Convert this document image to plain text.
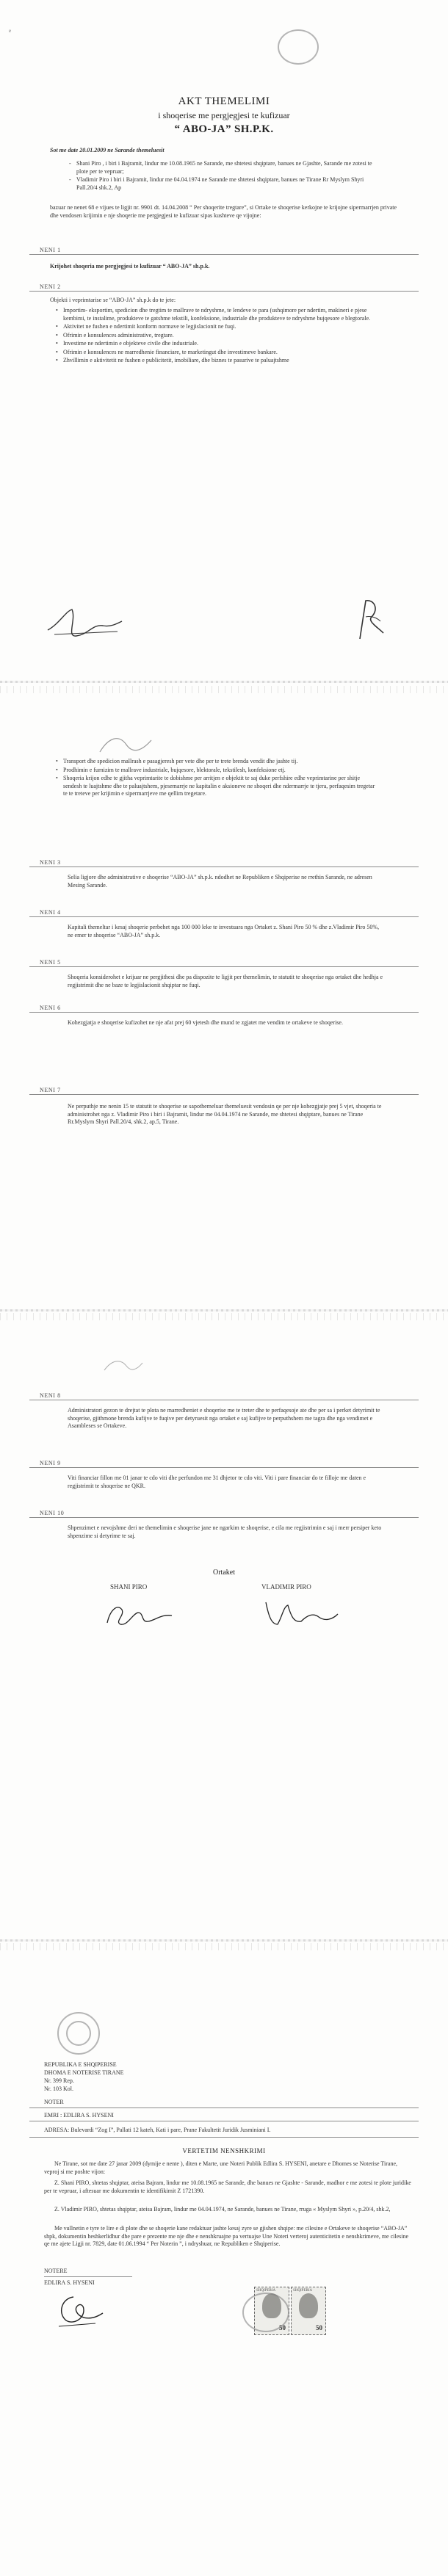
e
AKT THEMELIMI
i shoqerise me pergjegjesi te kufizuar
“ ABO-JA” SH.P.K.
Sot me date 20.01.2009 ne Sarande themeluesit
- Shani Piro , i biri i Bajramit, lindur me 10.08.1965 ne Sarande, me shtetesi shqiptare, banues ne Gjashte, Sarande me zotesi te plote per te vepruar;
- Vladimir Piro i biri i Bajramit, lindur me 04.04.1974 ne Sarande me shtetesi shqiptare, banues ne Tirane Rr Myslym Shyri Pall.20/4 shk.2, Ap
bazuar ne nenet 68 e vijues te ligjit nr. 9901 dt. 14.04.2008 “ Per shoqerite tregtare”, si Ortake te shoqerise kerkojne te krijojne sipermarrjen private dhe vendosen krijimin e nje shoqerie me pergjegjesi te kufizuar sipas kushteve qe vijojne:
NENI 1
Krijohet shoqeria me pergjegjesi te kufizuar “ ABO-JA” sh.p.k.
NENI 2
Objekti i veprimtarise se “ABO-JA” sh.p.k do te jete:
• Importim- eksportim, spedicion dhe tregtim te mallrave te ndryshme, te lendeve te para (ushqimore per ndertim, makineri e pjese kembimi, te instalime, produkteve te gatshme tekstili, konfeksione, industriale dhe produkteve te ndryshme bujqesore e blegtorale.
• Aktivitet ne fushen e ndertimit konform normave te legjislacionit ne fuqi.
• Ofrimin e konsulences administrative, tregtare.
• Investime ne ndertimin e objekteve civile dhe industriale.
• Ofrimin e konsulences ne marredhenie financiare, te marketingut dhe investimeve bankare.
• Zhvillimin e aktivitetit ne fushen e publicitetit, imobiliare, dhe biznes te pasurive te paluajtshme
• Transport dhe spedicion mallrash e pasagjeresh per vete dhe per te trete brenda vendit dhe jashte tij.
• Prodhimin e furnizim te mallrave industriale, bujqesore, blektorale, tekstilesh, konfeksione etj.
• Shoqeria krijon edhe te gjitha veprimtarite te dobishme per arritjen e objektit te saj duke perfshire edhe veprimtarine per shitje sendesh te luajtshme dhe te paluajtshem, pjesemarrje ne kapitalin e aksioneve ne shoqeri dhe ndermarrje te tjera, perfaqesim tregetar te te treteve per krijimin e sipermarrjeve me qellim tregetare.
NENI 3
Selia ligjore dhe administrative e shoqerise “ABO-JA” sh.p.k. ndodhet ne Republiken e Shqiperise ne rrethin Sarande, ne adresen Mesing Sarande.
NENI 4
Kapitali themeltar i kesaj shoqerie perbehet nga 100 000 leke te investuara nga Ortaket z. Shani Piro 50 % dhe z.Vladimir Piro 50%, ne emer te shoqerise “ABO-JA” sh.p.k.
NENI 5
Shoqeria konsiderohet e krijuar ne pergjithesi dhe pa dispozite te ligjit per themelimin, te statutit te shoqerise nga ortaket dhe hedhja e regjistrimit dhe ne baze te legjislacionit shqiptar ne fuqi.
NENI 6
Kohezgjatja e shoqerise kufizohet ne nje afat prej 60 vjetesh dhe mund te zgjatet me vendim te ortakeve te shoqerise.
NENI 7
Ne perputhje me nenin 15 te statutit te shoqerise se sapothemeluar themeluesit vendosin qe per nje kohezgjatje prej 5 vjet, shoqeria te administrohet nga z. Vladimir Piro i biri i Bajramit, lindur me 04.04.1974 ne Sarande, me shtetesi shqiptare, banues ne Tirane Rr.Myslym Shyri Pall.20/4, shk.2, ap.5, Tirane.
NENI 8
Administratori gezon te drejtat te plota ne marredheniet e shoqerise me te treter dhe te perfaqesoje ate dhe per sa i perket detyrimit te shoqerise, gjithmone brenda kufijve te fuqive per detyruesit nga ortaket e saj kufijve te perputhshem me tagra dhe nga vendimet e Asambleses se Ortakeve.
NENI 9
Viti financiar fillon me 01 janar te cdo viti dhe perfundon me 31 dhjetor te cdo viti. Viti i pare financiar do te filloje me daten e regjistrimit te shoqerise ne QKR.
NENI 10
Shpenzimet e nevojshme deri ne themelimin e shoqerise jane ne ngarkim te shoqerise, e cila me regjistrimin e saj i merr persiper keto shpenzime si detyrime te saj.
Ortaket
SHANI PIRO	VLADIMIR PIRO
REPUBLIKA E SHQIPERISE
DHOMA E NOTERISE TIRANE
Nr. 399 Rep.
Nr. 103 Kol.
NOTER
EMRI : EDLIRA S. HYSENI
ADRESA: Bulevardi “Zog I”, Pallati 12 kateh, Kati i pare, Prane Fakultetit Juridik Jusminiani I.
VERTETIM NENSHKRIMI
Ne Tirane, sot me date 27 janar 2009 (dymije e nente ), diten e Marte, une Noteri Publik Edlira S. HYSENI, anetare e Dhomes se Noterise Tirane, veproj si me poshte vijon:
Z. Shani PIRO, shtetas shqiptar, ateisa Bajram, lindur me 10.08.1965 ne Sarande, dhe banues ne Gjashte - Sarande, madhor e me zotesi te plote juridike per te vepruar, i aftesuar me dokumentin te identifikimit Z 1721390.
Z. Vladimir PIRO, shtetas shqiptar, ateisa Bajram, lindur me 04.04.1974, ne Sarande, banues ne Tirane, rruga « Myslym Shyri », p.20/4, shk.2,
Me vullnetin e tyre te lire e di plote dhe se shoqerie kane redaktuar jashte kesaj zyre se gjishen shqipe: me cilesine e Ortakeve te shoqerise “ABO-JA” shpk, dokumentin heshkerlidhur dhe pare e prezente me nje dhe e nenshkruajne pa vertuajse Une Noteri verteroj autenticitetin e nenshkrimeve, me cilesine qe me ajete Ligji nr. 7829, date 01.06.1994 “ Per Noterin ”, i ndryshuar, ne Republiken e Shqiperise.
NOTERE
EDLIRA S. HYSENI
SHQIPERIA
50
SHQIPERIA
50
